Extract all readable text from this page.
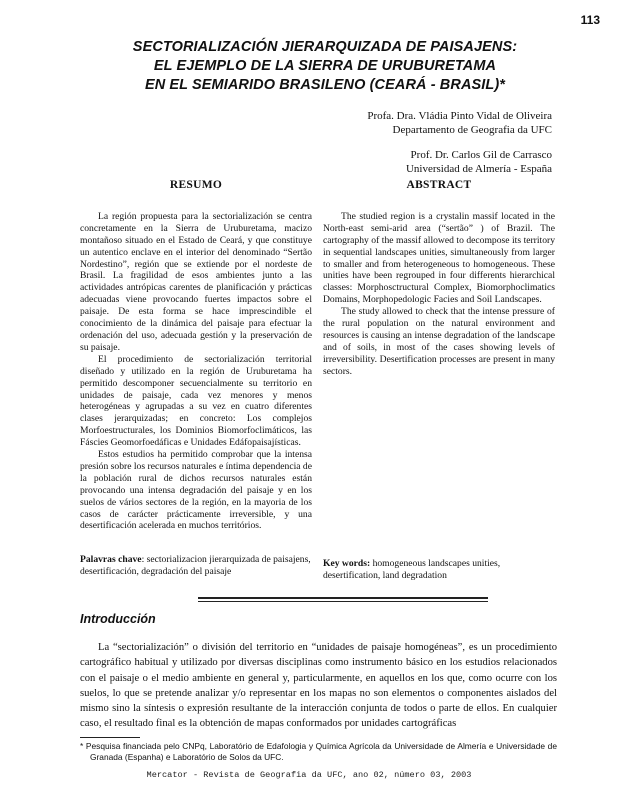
113
SECTORIALIZACIÓN JIERARQUIZADA DE PAISAJENS:
EL EJEMPLO DE LA SIERRA DE URUBURETAMA
EN EL SEMIARIDO BRASILENO (CEARÁ - BRASIL)*
Profa. Dra. Vládia Pinto Vidal de Oliveira
Departamento de Geografia da UFC
Prof. Dr. Carlos Gil de Carrasco
Universidad de Almería - España
RESUMO

La región propuesta para la sectorialización se centra concretamente en la Sierra de Uruburetama, macizo montañoso situado en el Estado de Ceará, y que constituye un autentico enclave en el interior del denominado “Sertão Nordestino”, región que se extiende por el nordeste de Brasil. La fragilidad de esos ambientes junto a las actividades antrópicas carentes de planificación y prácticas adecuadas viene provocando fuertes impactos sobre el paisaje. De esta forma se hace imprescindible el conocimiento de la dinámica del paisaje para efectuar la ordenación del uso, adecuada gestión y la preservación de su paisaje.

El procedimiento de sectorialización territorial diseñado y utilizado en la región de Uruburetama ha permitido descomponer secuencialmente su territorio en unidades de paisaje, cada vez menores y menos heterogéneas y agrupadas a su vez en cuatro diferentes clases jerarquizadas; en concreto: Los complejos Morfoestructurales, los Dominios Biomorfoclimáticos, las Fáscies Geomorfoedáficas e Unidades Edáfopaisajísticas.

Estos estudios ha permitido comprobar que la intensa presión sobre los recursos naturales e íntima dependencia de la población rural de dichos recursos naturales están provocando una intensa degradación del paisaje y en los suelos de vários sectores de la región, en la mayoria de los casos de carácter prácticamente irreversible, y una desertificación acelerada en muchos territórios.

ABSTRACT

The studied region is a crystalin massif located in the North-east semi-arid area (“sertão” ) of Brazil. The cartography of the massif allowed to decompose its territory in sequential landscapes unities, simultaneously from larger to smaller and from heterogeneous to homogeneous. These unities have been regrouped in four differents hierarchical classes: Morphosctructural Complex, Biomorphoclimatics Domains, Morphopedologic Facies and Soil Landscapes.

The study allowed to check that the intense pressure of the rural population on the natural environment and resources is causing an intense degradation of the landscape and of soils, in most of the cases showing levels of irreversibility. Desertification processes are present in many sectors.

Palavras chave: sectorializacion jierarquizada de paisajens, desertificación, degradación del paisaje
Key words: homogeneous landscapes unities, desertification, land degradation
Introducción

La “sectorialización” o división del territorio en “unidades de paisaje homogéneas”, es un procedimiento cartográfico habitual y utilizado por diversas disciplinas como instrumento básico en los estudios relacionados con el paisaje o el medio ambiente en general y, particularmente, en aquellos en los que, como ocurre con los suelos, lo que se pretende analizar y/o representar en los mapas no son elementos o componentes aislados del mismo sino la síntesis o expresión resultante de la interacción conjunta de todos o parte de ellos. En cualquier caso, el resultado final es la obtención de mapas conformados por unidades cartográficas

* Pesquisa financiada pelo CNPq, Laboratório de Edafologia y Química Agrícola da Universidade de Almería e Universidade de Granada (Espanha) e Laboratório de Solos da UFC.
Mercator - Revista de Geografia da UFC, ano 02, número 03, 2003
